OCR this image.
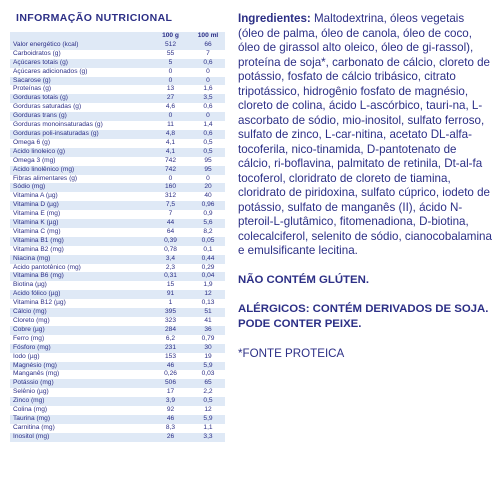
INFORMAÇÃO NUTRICIONAL
	100 g	100 ml
Valor energético (kcal)	512	66
Carboidratos (g)	55	7
Açúcares totais (g)	5	0,6
Açúcares adicionados (g)	0	0
Sacarose (g)	0	0
Proteínas (g)	13	1,6
Gorduras totais (g)	27	3,5
Gorduras saturadas (g)	4,6	0,6
Gorduras trans (g)	0	0
Gorduras monoinsaturadas (g)	11	1,4
Gorduras poli-insaturadas (g)	4,8	0,6
Omega 6 (g)	4,1	0,5
Ácido linoleico (g)	4,1	0,5
Omega 3 (mg)	742	95
Ácido linolênico (mg)	742	95
Fibras alimentares (g)	0	0
Sódio (mg)	160	20
Vitamina A (µg)	312	40
Vitamina D (µg)	7,5	0,96
Vitamina E (mg)	7	0,9
Vitamina K (µg)	44	5,6
Vitamina C (mg)	64	8,2
Vitamina B1 (mg)	0,39	0,05
Vitamina B2 (mg)	0,78	0,1
Niacina (mg)	3,4	0,44
Ácido pantotênico (mg)	2,3	0,29
Vitamina B6 (mg)	0,31	0,04
Biotina (µg)	15	1,9
Ácido fólico (µg)	91	12
Vitamina B12 (µg)	1	0,13
Cálcio (mg)	395	51
Cloreto (mg)	323	41
Cobre (µg)	284	36
Ferro (mg)	6,2	0,79
Fósforo (mg)	231	30
Iodo (µg)	153	19
Magnésio (mg)	46	5,9
Manganês (mg)	0,26	0,03
Potássio (mg)	506	65
Selênio (µg)	17	2,2
Zinco (mg)	3,9	0,5
Colina (mg)	92	12
Taurina (mg)	46	5,9
Carnitina (mg)	8,3	1,1
Inositol (mg)	26	3,3

Ingredientes: Maltodextrina, óleos vegetais (óleo de palma, óleo de canola, óleo de coco, óleo de girassol alto oleico, óleo de gi-rassol), proteína de soja*, carbonato de cálcio, cloreto de potássio, fosfato de cálcio tribásico, citrato tripotássico, hidrogênio fosfato de magnésio, cloreto de colina, ácido L-ascórbico, tauri-na, L-ascorbato de sódio, mio-inositol, sulfato ferroso, sulfato de zinco, L-car-nitina, acetato DL-alfa-tocoferila, nico-tinamida, D-pantotenato de cálcio, ri-boflavina, palmitato de retinila, Dt-al-fa tocoferol, cloridrato de cloreto de tiamina, cloridrato de piridoxina, sulfato cúprico, iodeto de potássio, sulfato de manganês (II), ácido N-pteroil-L-glutâmico, fitomenadiona, D-biotina, colecalciferol, selenito de sódio, cianocobalamina e emulsificante lecitina.

NÃO CONTÉM GLÚTEN.
ALÉRGICOS: CONTÉM DERIVADOS DE SOJA. PODE CONTER PEIXE.
*FONTE PROTEICA
